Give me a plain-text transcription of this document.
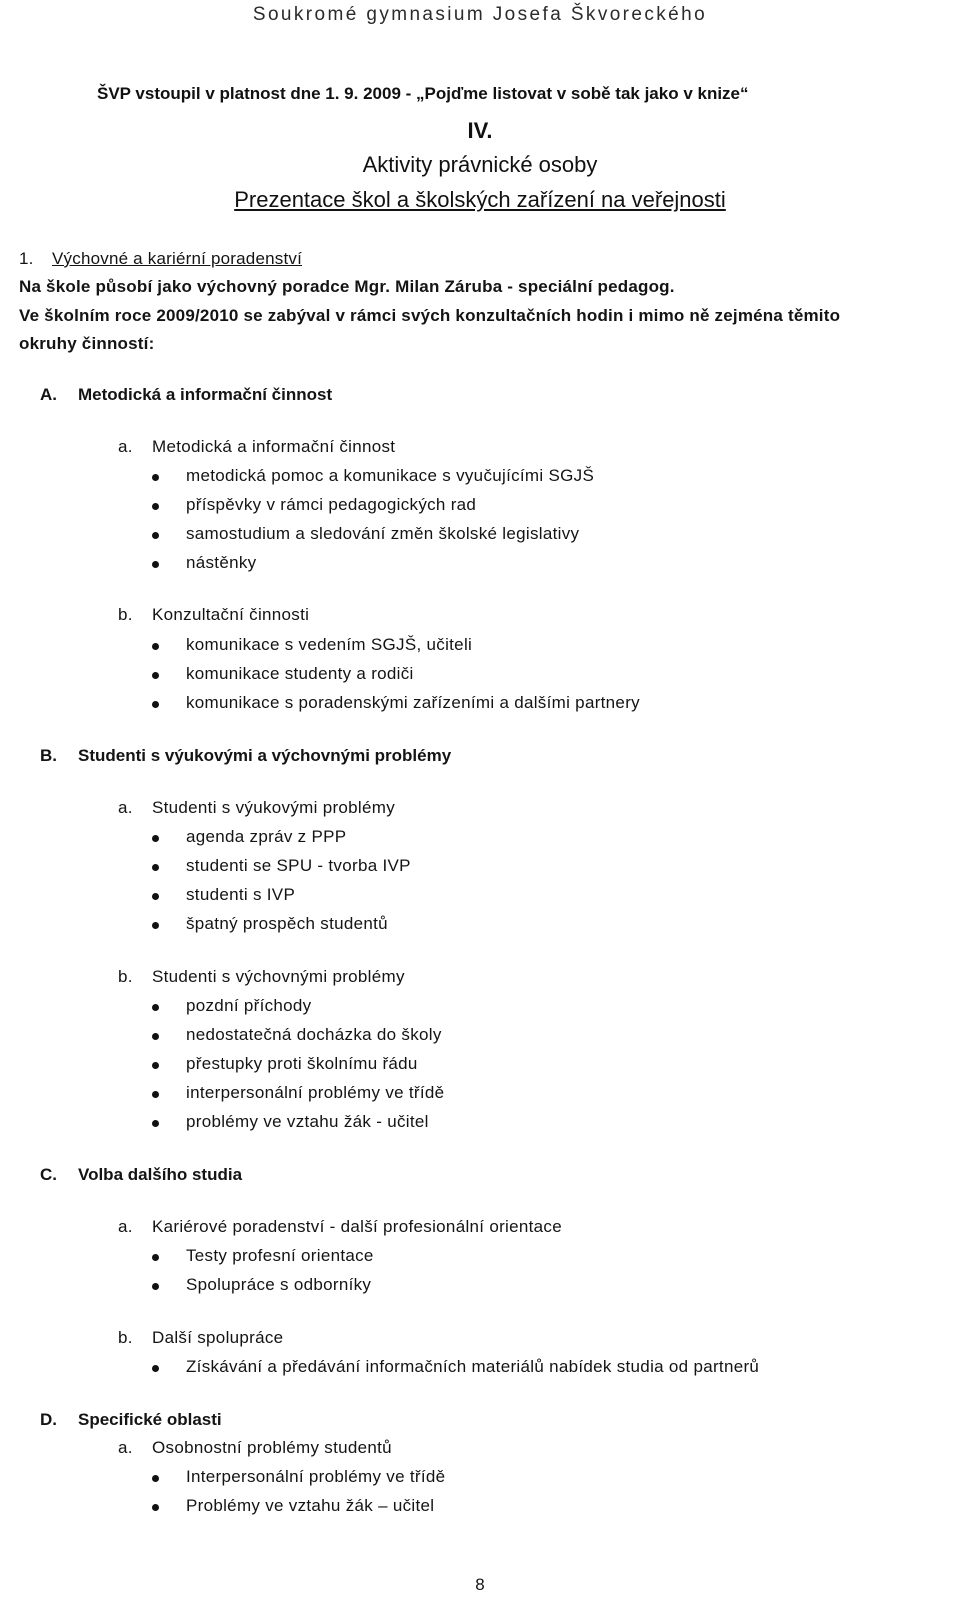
Soukromé gymnasium Josefa Škvoreckého
ŠVP vstoupil v platnost dne 1. 9. 2009 - „Pojďme listovat v sobě tak jako v knize“
IV.
Aktivity právnické osoby
Prezentace škol a školských zařízení na veřejnosti
1. Výchovné a kariérní poradenství
Na škole působí jako výchovný poradce Mgr. Milan Záruba - speciální pedagog.
Ve školním roce 2009/2010 se zabýval v rámci svých konzultačních hodin i mimo ně zejména těmito
okruhy činností:
A. Metodická a informační činnost
a. Metodická a informační činnost
metodická pomoc a komunikace s vyučujícími SGJŠ
příspěvky v rámci pedagogických rad
samostudium a sledování změn školské legislativy
nástěnky
b. Konzultační činnosti
komunikace s vedením SGJŠ, učiteli
komunikace studenty a rodiči
komunikace s poradenskými zařízeními a dalšími partnery
B. Studenti s výukovými a výchovnými problémy
a. Studenti s výukovými problémy
agenda zpráv z PPP
studenti se SPU - tvorba IVP
studenti s IVP
špatný prospěch studentů
b. Studenti s výchovnými problémy
pozdní příchody
nedostatečná docházka do školy
přestupky proti školnímu řádu
interpersonální problémy ve třídě
problémy ve vztahu žák - učitel
C. Volba dalšího studia
a. Kariérové poradenství - další profesionální orientace
Testy profesní orientace
Spolupráce s odborníky
b. Další spolupráce
Získávání a předávání informačních materiálů nabídek studia od partnerů
D. Specifické oblasti
a. Osobnostní problémy studentů
Interpersonální problémy ve třídě
Problémy ve vztahu žák – učitel
8
